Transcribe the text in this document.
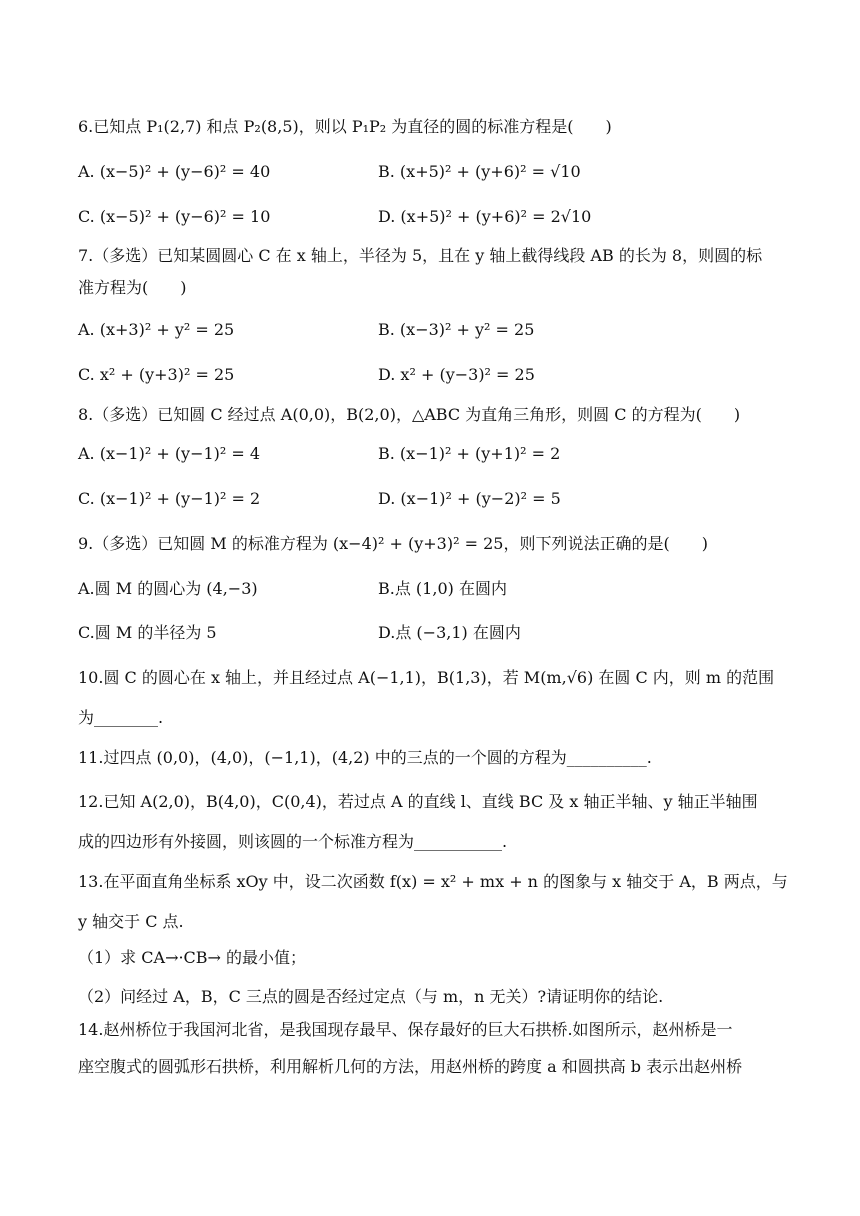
6.已知点 P₁(2,7) 和点 P₂(8,5)，则以 P₁P₂ 为直径的圆的标准方程是(　　)
A. (x−5)² + (y−6)² = 40	B. (x+5)² + (y+6)² = √10
C. (x−5)² + (y−6)² = 10	D. (x+5)² + (y+6)² = 2√10
7.（多选）已知某圆圆心 C 在 x 轴上，半径为 5，且在 y 轴上截得线段 AB 的长为 8，则圆的标
准方程为(　　)
A. (x+3)² + y² = 25	B. (x−3)² + y² = 25
C. x² + (y+3)² = 25	D. x² + (y−3)² = 25
8.（多选）已知圆 C 经过点 A(0,0)，B(2,0)，△ABC 为直角三角形，则圆 C 的方程为(　　)
A. (x−1)² + (y−1)² = 4	B. (x−1)² + (y+1)² = 2
C. (x−1)² + (y−1)² = 2	D. (x−1)² + (y−2)² = 5
9.（多选）已知圆 M 的标准方程为 (x−4)² + (y+3)² = 25，则下列说法正确的是(　　)
A.圆 M 的圆心为 (4,−3)	B.点 (1,0) 在圆内
C.圆 M 的半径为 5	D.点 (−3,1) 在圆内
10.圆 C 的圆心在 x 轴上，并且经过点 A(−1,1)，B(1,3)，若 M(m,√6) 在圆 C 内，则 m 的范围
为________.
11.过四点 (0,0)，(4,0)，(−1,1)，(4,2) 中的三点的一个圆的方程为__________.
12.已知 A(2,0)，B(4,0)，C(0,4)，若过点 A 的直线 l、直线 BC 及 x 轴正半轴、y 轴正半轴围
成的四边形有外接圆，则该圆的一个标准方程为___________.
13.在平面直角坐标系 xOy 中，设二次函数 f(x) = x² + mx + n 的图象与 x 轴交于 A，B 两点，与
y 轴交于 C 点.
（1）求 CA→·CB→ 的最小值；
（2）问经过 A，B，C 三点的圆是否经过定点（与 m，n 无关）?请证明你的结论.
14.赵州桥位于我国河北省，是我国现存最早、保存最好的巨大石拱桥.如图所示，赵州桥是一
座空腹式的圆弧形石拱桥，利用解析几何的方法，用赵州桥的跨度 a 和圆拱高 b 表示出赵州桥
